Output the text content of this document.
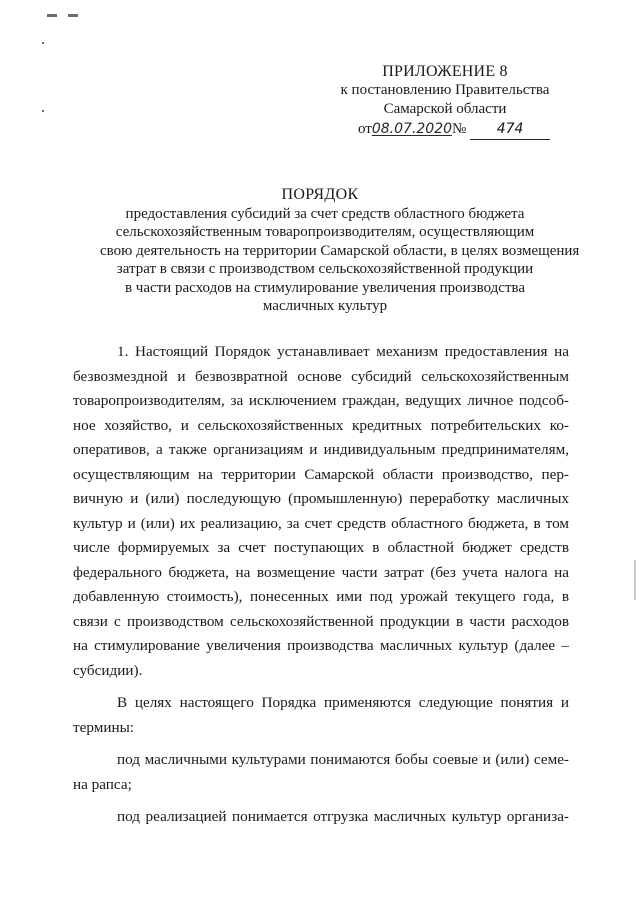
ПРИЛОЖЕНИЕ 8
к постановлению Правительства
Самарской области
от08.07.2020№ 474
ПОРЯДОК
предоставления субсидий за счет средств областного бюджета
сельскохозяйственным товаропроизводителям, осуществляющим
свою деятельность на территории Самарской области, в целях возмещения
затрат в связи с производством сельскохозяйственной продукции
в части расходов на стимулирование увеличения производства
масличных культур
1. Настоящий Порядок устанавливает механизм предоставления на
безвозмездной и безвозвратной основе субсидий сельскохозяйственным
товаропроизводителям, за исключением граждан, ведущих личное подсоб-
ное хозяйство, и сельскохозяйственных кредитных потребительских ко-
оперативов, а также организациям и индивидуальным предпринимателям,
осуществляющим на территории Самарской области производство, пер-
вичную и (или) последующую (промышленную) переработку масличных
культур и (или) их реализацию, за счет средств областного бюджета, в том
числе формируемых за счет поступающих в областной бюджет средств
федерального бюджета, на возмещение части затрат (без учета налога на
добавленную стоимость), понесенных ими под урожай текущего года, в
связи с производством сельскохозяйственной продукции в части расходов
на стимулирование увеличения производства масличных культур (далее –
субсидии).
В целях настоящего Порядка применяются следующие понятия и
термины:
под масличными культурами понимаются бобы соевые и (или) семе-
на рапса;
под реализацией понимается отгрузка масличных культур организа-
